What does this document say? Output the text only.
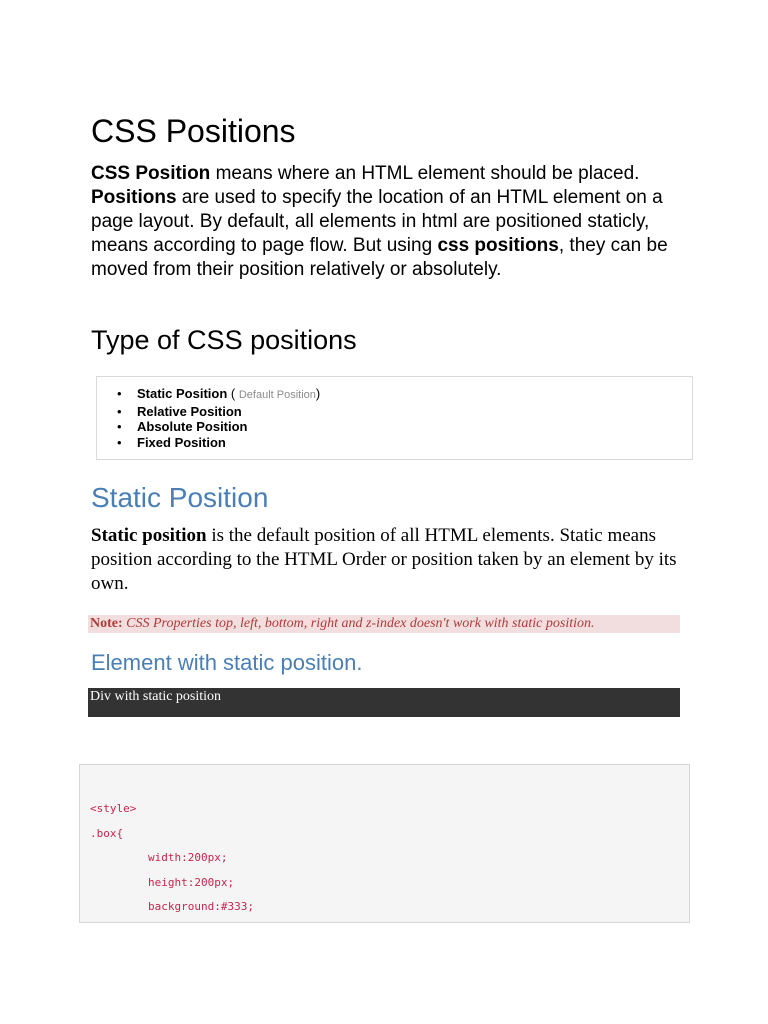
CSS Positions

CSS Position means where an HTML element should be placed. Positions are used to specify the location of an HTML element on a page layout. By default, all elements in html are positioned staticly, means according to page flow. But using css positions, they can be moved from their position relatively or absolutely.

Type of CSS positions
• Static Position ( Default Position)
• Relative Position
• Absolute Position
• Fixed Position
Static Position

Static position is the default position of all HTML elements. Static means position according to the HTML Order or position taken by an element by its own.

Note: CSS Properties top, left, bottom, right and z-index doesn't work with static position.
Element with static position.
Div with static position
<style>
.box{
width:200px;
height:200px;
background:#333;
